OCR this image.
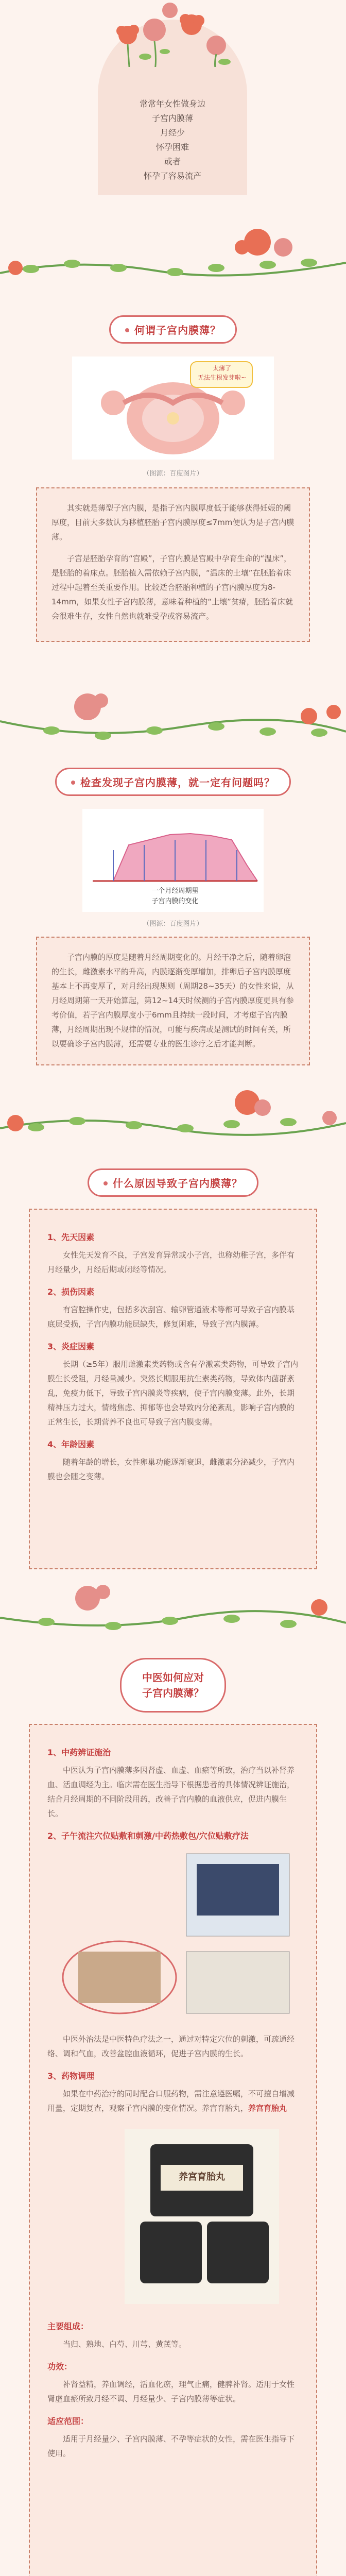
常常年女性做身边
子宫内膜薄
月经少
怀孕困难
或者
怀孕了容易流产
何谓子宫内膜薄？
太薄了
无法生根发芽啦~
（图源：百度图片）

其实就是薄型子宫内膜，是指子宫内膜厚度低于能够获得妊娠的阈厚度，目前大多数认为移植胚胎子宫内膜厚度≤7mm便认为是子宫内膜薄。

子宫是胚胎孕育的“宫殿”，子宫内膜是宫殿中孕育生命的“温床”，是胚胎的着床点。胚胎植入需依赖子宫内膜，“温床的土壤”在胚胎着床过程中起着至关重要作用。比较适合胚胎种植的子宫内膜厚度为8-14mm，如果女性子宫内膜薄，意味着种植的“土壤”贫瘠，胚胎着床就会很难生存，女性自然也就难受孕或容易流产。

检查发现子宫内膜薄，就一定有问题吗？
一个月经周期里
子宫内膜的变化
（图源：百度图片）

子宫内膜的厚度是随着月经周期变化的。月经干净之后，随着卵泡的生长，雌激素水平的升高，内膜逐渐变厚增加，排卵后子宫内膜厚度基本上不再变厚了，对月经出现规则（周期28~35天）的女性来说，从月经周期第一天开始算起，第12~14天时候测的子宫内膜厚度更具有参考价值，若子宫内膜厚度小于6mm且持续一段时间，才考虑子宫内膜薄，月经周期出现不规律的情况，可能与疾病或是测试的时间有关，所以要确诊子宫内膜薄，还需要专业的医生诊疗之后才能判断。

什么原因导致子宫内膜薄？
1、先天因素
女性先天发育不良，子宫发育异常或小子宫，也称幼稚子宫，多伴有月经量少，月经后期或闭经等情况。
2、损伤因素
有宫腔操作史，包括多次刮宫、输卵管通液术等都可导致子宫内膜基底层受损，子宫内膜功能层缺失，修复困难，导致子宫内膜薄。
3、炎症因素
长期（≥5年）服用雌激素类药物或含有孕激素类药物，可导致子宫内膜生长受阻，月经量减少。突然长期服用抗生素类药物，导致体内菌群紊乱，免疫力低下，导致子宫内膜炎等疾病，使子宫内膜变薄。此外，长期精神压力过大，情绪焦虑、抑郁等也会导致内分泌紊乱，影响子宫内膜的正常生长，长期营养不良也可导致子宫内膜变薄。
4、年龄因素
随着年龄的增长，女性卵巢功能逐渐衰退，雌激素分泌减少，子宫内膜也会随之变薄。
中医如何应对
子宫内膜薄？
1、中药辨证施治
中医认为子宫内膜薄多因肾虚、血虚、血瘀等所致，治疗当以补肾养血、活血调经为主。临床需在医生指导下根据患者的具体情况辨证施治，结合月经周期的不同阶段用药，改善子宫内膜的血液供应，促进内膜生长。
2、子午流注穴位贴敷和刺激/中药热敷包/穴位贴敷疗法
中医外治法是中医特色疗法之一，通过对特定穴位的刺激，可疏通经络、调和气血，改善盆腔血液循环，促进子宫内膜的生长。
3、药物调理
如果在中药治疗的同时配合口服药物，需注意遵医嘱，不可擅自增减用量，定期复查，观察子宫内膜的变化情况。养宫育胎丸，养宫育胎丸
养宫育胎丸
主要组成：
当归、熟地、白芍、川芎、黄芪等。
功效：
补肾益精，养血调经，活血化瘀，理气止痛，健脾补肾。适用于女性肾虚血瘀所致月经不调、月经量少、子宫内膜薄等症状。
适应范围：
适用于月经量少、子宫内膜薄、不孕等症状的女性，需在医生指导下使用。
